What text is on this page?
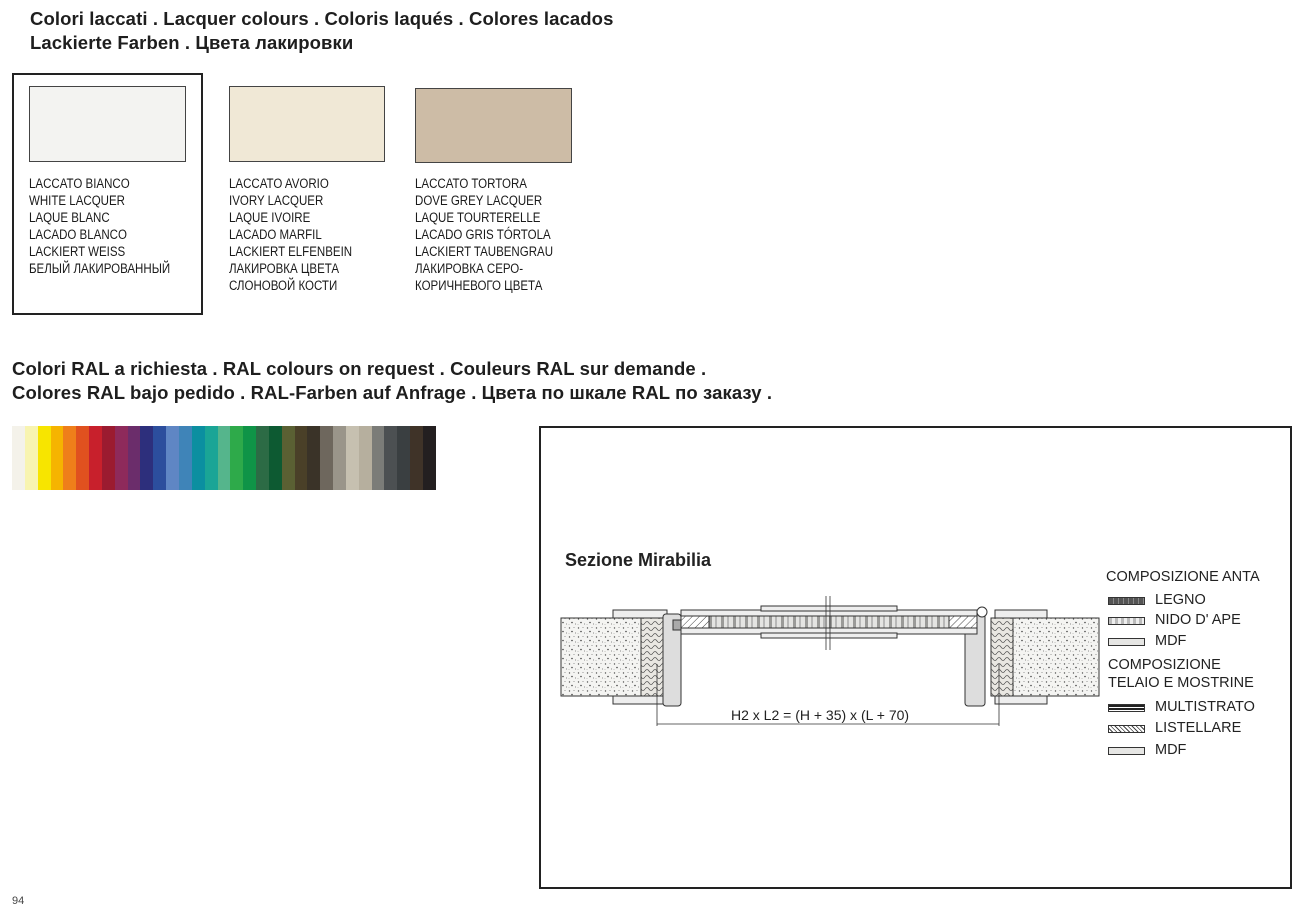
Colori laccati . Lacquer colours . Coloris laqués . Colores lacados
Lackierte Farben . Цвета лакировки
LACCATO BIANCO
WHITE LACQUER
LAQUE BLANC
LACADO BLANCO
LACKIERT WEISS
БЕЛЫЙ ЛАКИРОВАННЫЙ
LACCATO AVORIO
IVORY LACQUER
LAQUE IVOIRE
LACADO MARFIL
LACKIERT ELFENBEIN
ЛАКИРОВКА ЦВЕТА
СЛОНОВОЙ КОСТИ
LACCATO TORTORA
DOVE GREY LACQUER
LAQUE TOURTERELLE
LACADO GRIS TÓRTOLA
LACKIERT TAUBENGRAU
ЛАКИРОВКА СЕРО-
КОРИЧНЕВОГО ЦВЕТА
Colori RAL a richiesta . RAL colours on request . Couleurs RAL sur demande .
Colores RAL bajo pedido . RAL-Farben auf Anfrage . Цвета по шкале RAL по заказу .
Sezione Mirabilia
H2 x L2 = (H + 35) x (L + 70)
COMPOSIZIONE ANTA
LEGNO
NIDO D' APE
MDF
COMPOSIZIONE
TELAIO E MOSTRINE
MULTISTRATO
LISTELLARE
MDF
94
